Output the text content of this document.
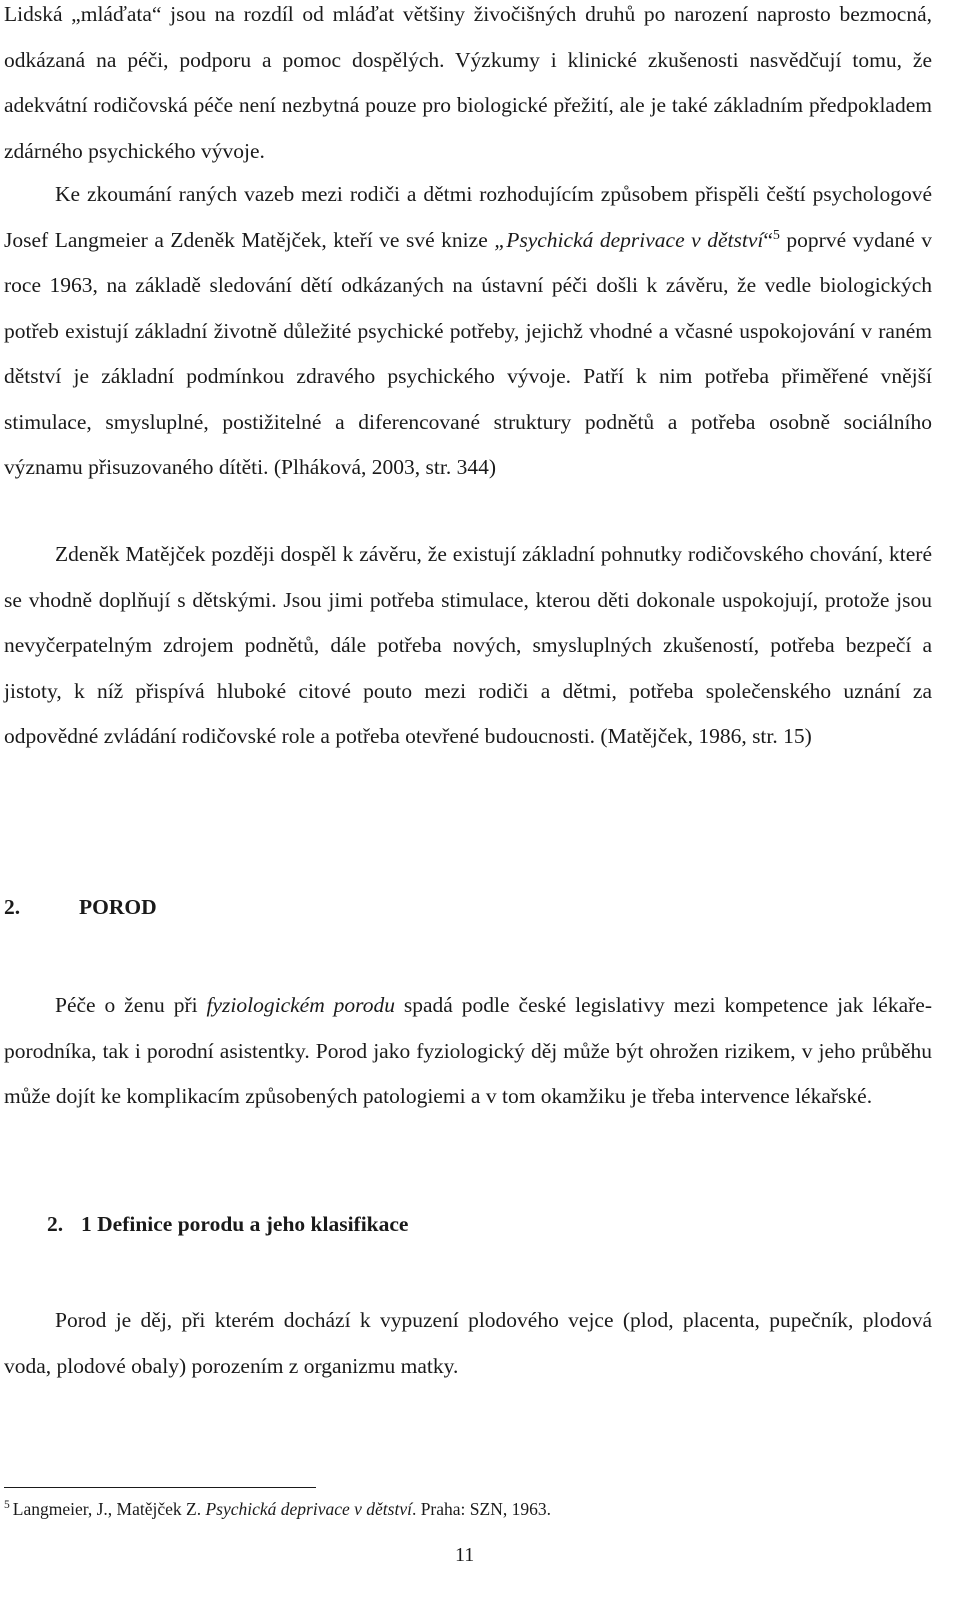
Lidská „mláďata“ jsou na rozdíl od mláďat většiny živočišných druhů po narození naprosto bezmocná, odkázaná na péči, podporu a pomoc dospělých. Výzkumy i klinické zkušenosti nasvědčují tomu, že adekvátní rodičovská péče není nezbytná pouze pro biologické přežití, ale je také základním předpokladem zdárného psychického vývoje.

Ke zkoumání raných vazeb mezi rodiči a dětmi rozhodujícím způsobem přispěli čeští psychologové Josef Langmeier a Zdeněk Matějček, kteří ve své knize „Psychická deprivace v dětství“$^5$ poprvé vydané v roce 1963, na základě sledování dětí odkázaných na ústavní péči došli k závěru, že vedle biologických potřeb existují základní životně důležité psychické potřeby, jejichž vhodné a včasné uspokojování v raném dětství je základní podmínkou zdravého psychického vývoje. Patří k nim potřeba přiměřené vnější stimulace, smysluplné, postižitelné a diferencované struktury podnětů a potřeba osobně sociálního významu přisuzovaného dítěti. (Plháková, 2003, str. 344)

Zdeněk Matějček později dospěl k závěru, že existují základní pohnutky rodičovského chování, které se vhodně doplňují s dětskými. Jsou jimi potřeba stimulace, kterou děti dokonale uspokojují, protože jsou nevyčerpatelným zdrojem podnětů, dále potřeba nových, smysluplných zkušeností, potřeba bezpečí a jistoty, k níž přispívá hluboké citové pouto mezi rodiči a dětmi, potřeba společenského uznání za odpovědné zvládání rodičovské role a potřeba otevřené budoucnosti. (Matějček, 1986, str. 15)

2.	POROD

Péče o ženu při fyziologickém porodu spadá podle české legislativy mezi kompetence jak lékaře-porodníka, tak i porodní asistentky. Porod jako fyziologický děj může být ohrožen rizikem, v jeho průběhu může dojít ke komplikacím způsobených patologiemi a v tom okamžiku je třeba intervence lékařské.

2. 1 Definice porodu a jeho klasifikace

Porod je děj, při kterém dochází k vypuzení plodového vejce (plod, placenta, pupečník, plodová voda, plodové obaly) porozením z organizmu matky.

$^5$ Langmeier, J., Matějček Z. Psychická deprivace v dětství. Praha: SZN, 1963.
11
